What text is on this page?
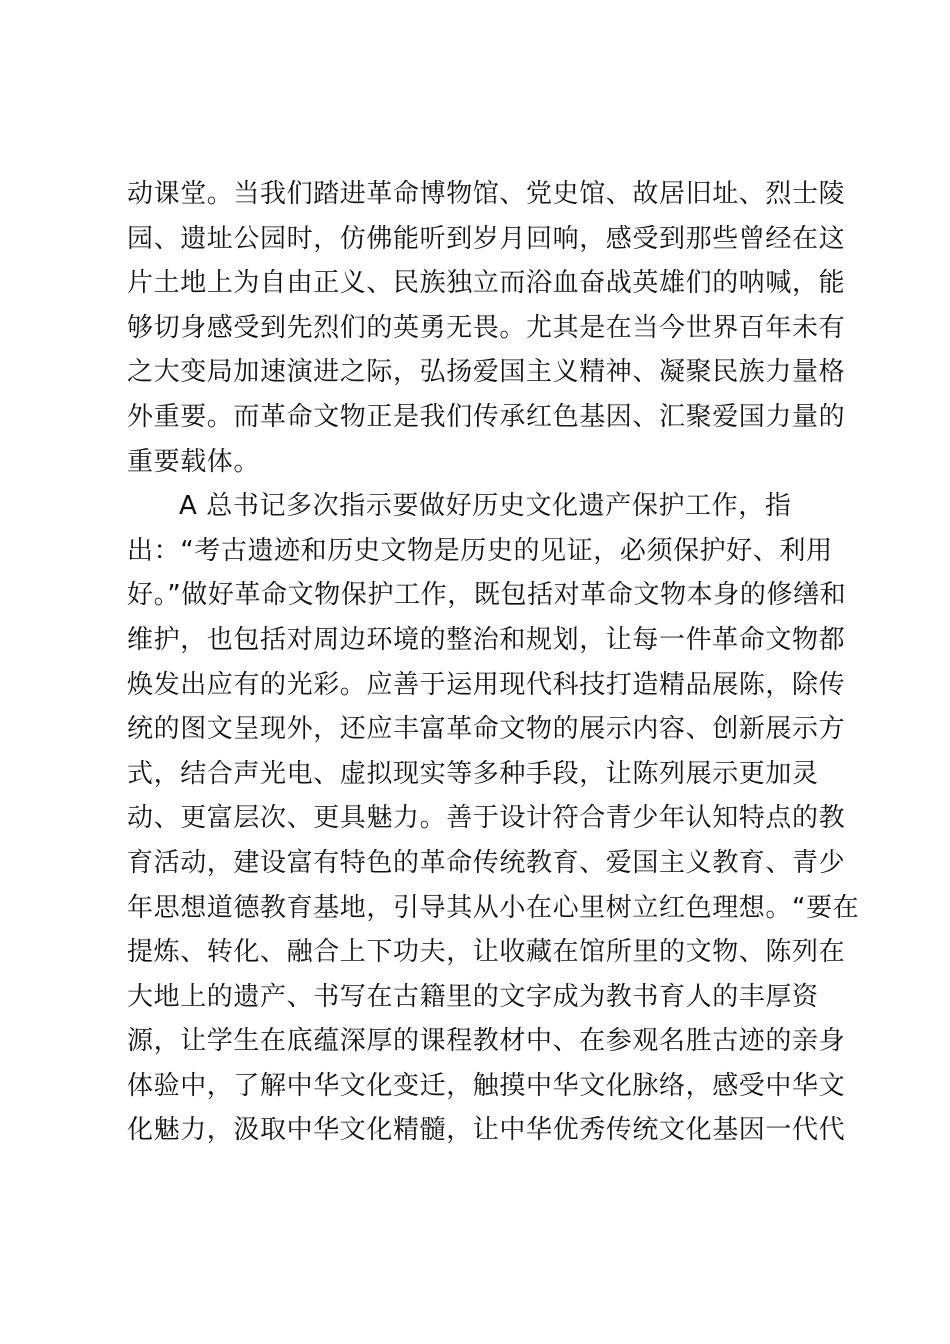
动课堂。当我们踏进革命博物馆、党史馆、故居旧址、烈士陵
园、遗址公园时，仿佛能听到岁月回响，感受到那些曾经在这
片土地上为自由正义、民族独立而浴血奋战英雄们的呐喊，能
够切身感受到先烈们的英勇无畏。尤其是在当今世界百年未有
之大变局加速演进之际，弘扬爱国主义精神、凝聚民族力量格
外重要。而革命文物正是我们传承红色基因、汇聚爱国力量的
重要载体。
A 总书记多次指示要做好历史文化遗产保护工作，指
出：“考古遗迹和历史文物是历史的见证，必须保护好、利用
好。”做好革命文物保护工作，既包括对革命文物本身的修缮和
维护，也包括对周边环境的整治和规划，让每一件革命文物都
焕发出应有的光彩。应善于运用现代科技打造精品展陈，除传
统的图文呈现外，还应丰富革命文物的展示内容、创新展示方
式，结合声光电、虚拟现实等多种手段，让陈列展示更加灵
动、更富层次、更具魅力。善于设计符合青少年认知特点的教
育活动，建设富有特色的革命传统教育、爱国主义教育、青少
年思想道德教育基地，引导其从小在心里树立红色理想。“要在
提炼、转化、融合上下功夫，让收藏在馆所里的文物、陈列在
大地上的遗产、书写在古籍里的文字成为教书育人的丰厚资
源，让学生在底蕴深厚的课程教材中、在参观名胜古迹的亲身
体验中，了解中华文化变迁，触摸中华文化脉络，感受中华文
化魅力，汲取中华文化精髓，让中华优秀传统文化基因一代代
